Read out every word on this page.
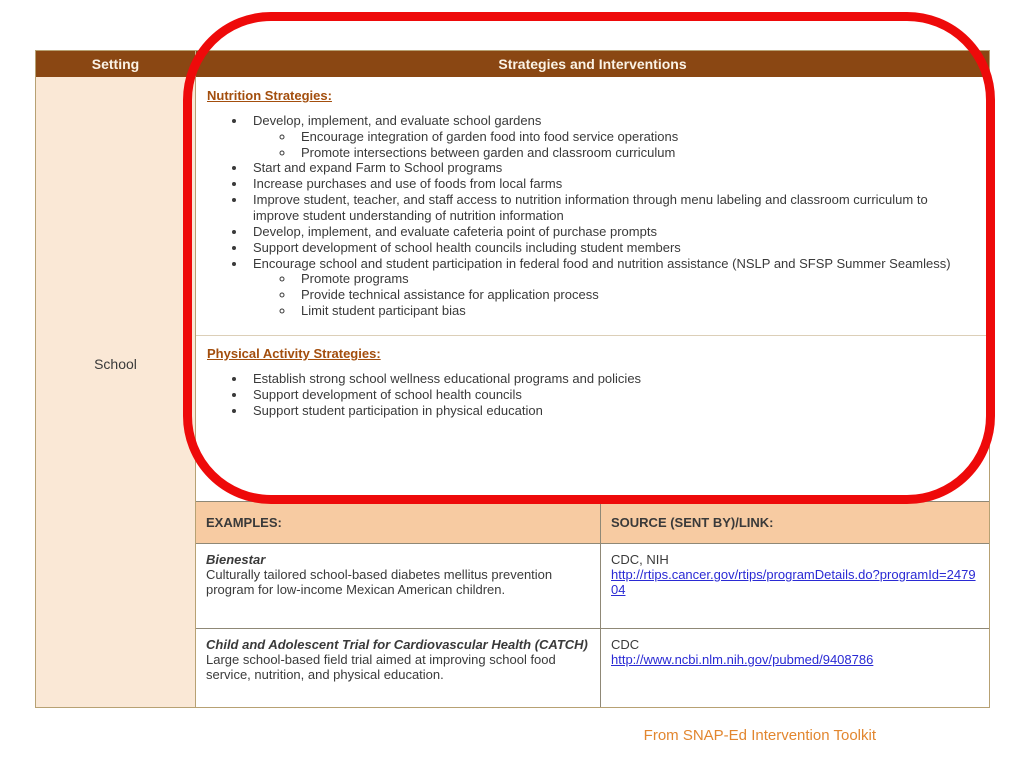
Setting	Strategies and Interventions
School
Nutrition Strategies:
• Develop, implement, and evaluate school gardens
◦ Encourage integration of garden food into food service operations
◦ Promote intersections between garden and classroom curriculum
• Start and expand Farm to School programs
• Increase purchases and use of foods from local farms
• Improve student, teacher, and staff access to nutrition information through menu labeling and classroom curriculum to improve student understanding of nutrition information
• Develop, implement, and evaluate cafeteria point of purchase prompts
• Support development of school health councils including student members
• Encourage school and student participation in federal food and nutrition assistance (NSLP and SFSP Summer Seamless)
◦ Promote programs
◦ Provide technical assistance for application process
◦ Limit student participant bias
Physical Activity Strategies:
• Establish strong school wellness educational programs and policies
• Support development of school health councils
• Support student participation in physical education
EXAMPLES:	SOURCE (SENT BY)/LINK:
Bienestar
Culturally tailored school-based diabetes mellitus prevention program for low-income Mexican American children.
CDC, NIH
http://rtips.cancer.gov/rtips/programDetails.do?programId=247904
Child and Adolescent Trial for Cardiovascular Health (CATCH)
Large school-based field trial aimed at improving school food service, nutrition, and physical education.
CDC
http://www.ncbi.nlm.nih.gov/pubmed/9408786
From SNAP-Ed Intervention Toolkit
